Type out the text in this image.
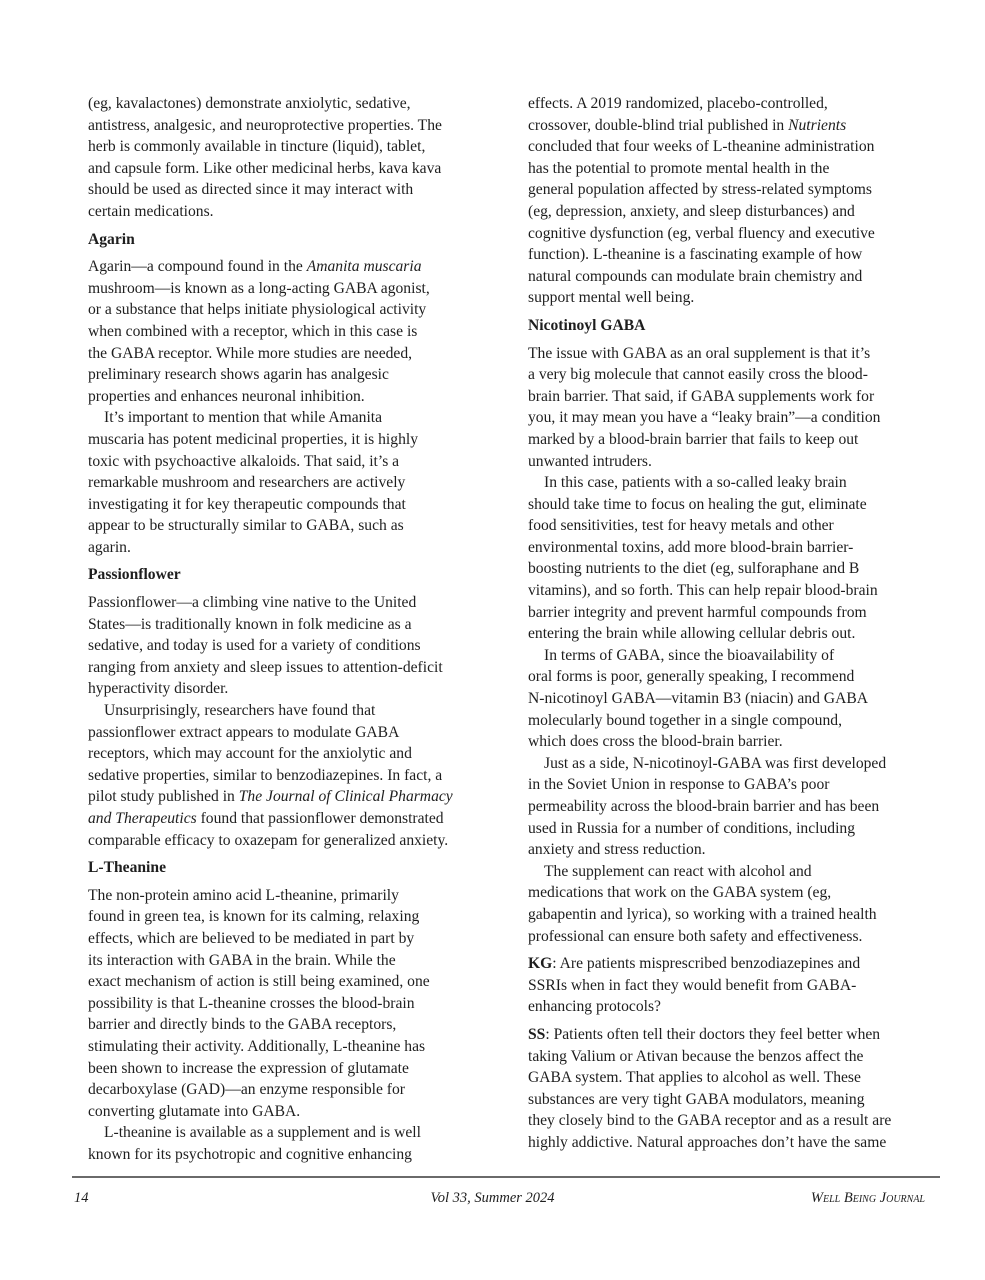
(eg, kavalactones) demonstrate anxiolytic, sedative,
antistress, analgesic, and neuroprotective properties. The
herb is commonly available in tincture (liquid), tablet,
and capsule form. Like other medicinal herbs, kava kava
should be used as directed since it may interact with
certain medications.
Agarin
Agarin—a compound found in the Amanita muscaria
mushroom—is known as a long-acting GABA agonist,
or a substance that helps initiate physiological activity
when combined with a receptor, which in this case is
the GABA receptor. While more studies are needed,
preliminary research shows agarin has analgesic
properties and enhances neuronal inhibition.
It’s important to mention that while Amanita
muscaria has potent medicinal properties, it is highly
toxic with psychoactive alkaloids. That said, it’s a
remarkable mushroom and researchers are actively
investigating it for key therapeutic compounds that
appear to be structurally similar to GABA, such as
agarin.
Passionflower
Passionflower—a climbing vine native to the United
States—is traditionally known in folk medicine as a
sedative, and today is used for a variety of conditions
ranging from anxiety and sleep issues to attention-deficit
hyperactivity disorder.
Unsurprisingly, researchers have found that
passionflower extract appears to modulate GABA
receptors, which may account for the anxiolytic and
sedative properties, similar to benzodiazepines. In fact, a
pilot study published in The Journal of Clinical Pharmacy
and Therapeutics found that passionflower demonstrated
comparable efficacy to oxazepam for generalized anxiety.
L-Theanine
The non-protein amino acid L-theanine, primarily
found in green tea, is known for its calming, relaxing
effects, which are believed to be mediated in part by
its interaction with GABA in the brain. While the
exact mechanism of action is still being examined, one
possibility is that L-theanine crosses the blood-brain
barrier and directly binds to the GABA receptors,
stimulating their activity. Additionally, L-theanine has
been shown to increase the expression of glutamate
decarboxylase (GAD)—an enzyme responsible for
converting glutamate into GABA.
L-theanine is available as a supplement and is well
known for its psychotropic and cognitive enhancing
effects. A 2019 randomized, placebo-controlled,
crossover, double-blind trial published in Nutrients
concluded that four weeks of L-theanine administration
has the potential to promote mental health in the
general population affected by stress-related symptoms
(eg, depression, anxiety, and sleep disturbances) and
cognitive dysfunction (eg, verbal fluency and executive
function). L-theanine is a fascinating example of how
natural compounds can modulate brain chemistry and
support mental well being.
Nicotinoyl GABA
The issue with GABA as an oral supplement is that it’s
a very big molecule that cannot easily cross the blood-
brain barrier. That said, if GABA supplements work for
you, it may mean you have a “leaky brain”—a condition
marked by a blood-brain barrier that fails to keep out
unwanted intruders.
In this case, patients with a so-called leaky brain
should take time to focus on healing the gut, eliminate
food sensitivities, test for heavy metals and other
environmental toxins, add more blood-brain barrier-
boosting nutrients to the diet (eg, sulforaphane and B
vitamins), and so forth. This can help repair blood-brain
barrier integrity and prevent harmful compounds from
entering the brain while allowing cellular debris out.
In terms of GABA, since the bioavailability of
oral forms is poor, generally speaking, I recommend
N-nicotinoyl GABA—vitamin B3 (niacin) and GABA
molecularly bound together in a single compound,
which does cross the blood-brain barrier.
Just as a side, N-nicotinoyl-GABA was first developed
in the Soviet Union in response to GABA’s poor
permeability across the blood-brain barrier and has been
used in Russia for a number of conditions, including
anxiety and stress reduction.
The supplement can react with alcohol and
medications that work on the GABA system (eg,
gabapentin and lyrica), so working with a trained health
professional can ensure both safety and effectiveness.
KG: Are patients misprescribed benzodiazepines and
SSRIs when in fact they would benefit from GABA-
enhancing protocols?
SS: Patients often tell their doctors they feel better when
taking Valium or Ativan because the benzos affect the
GABA system. That applies to alcohol as well. These
substances are very tight GABA modulators, meaning
they closely bind to the GABA receptor and as a result are
highly addictive. Natural approaches don’t have the same
14	Vol 33, Summer 2024	Well Being Journal
